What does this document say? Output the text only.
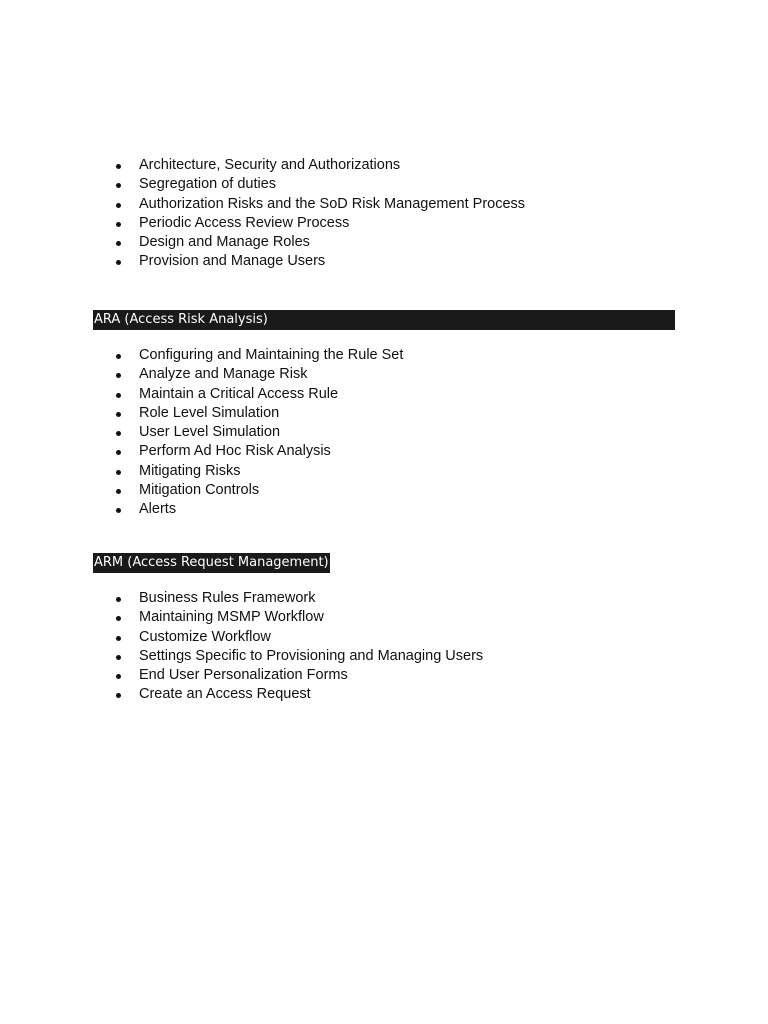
Architecture, Security and Authorizations
Segregation of duties
Authorization Risks and the SoD Risk Management Process
Periodic Access Review Process
Design and Manage Roles
Provision and Manage Users
ARA (Access Risk Analysis)
Configuring and Maintaining the Rule Set
Analyze and Manage Risk
Maintain a Critical Access Rule
Role Level Simulation
User Level Simulation
Perform Ad Hoc Risk Analysis
Mitigating Risks
Mitigation Controls
Alerts
ARM (Access Request Management)
Business Rules Framework
Maintaining MSMP Workflow
Customize Workflow
Settings Specific to Provisioning and Managing Users
End User Personalization Forms
Create an Access Request
